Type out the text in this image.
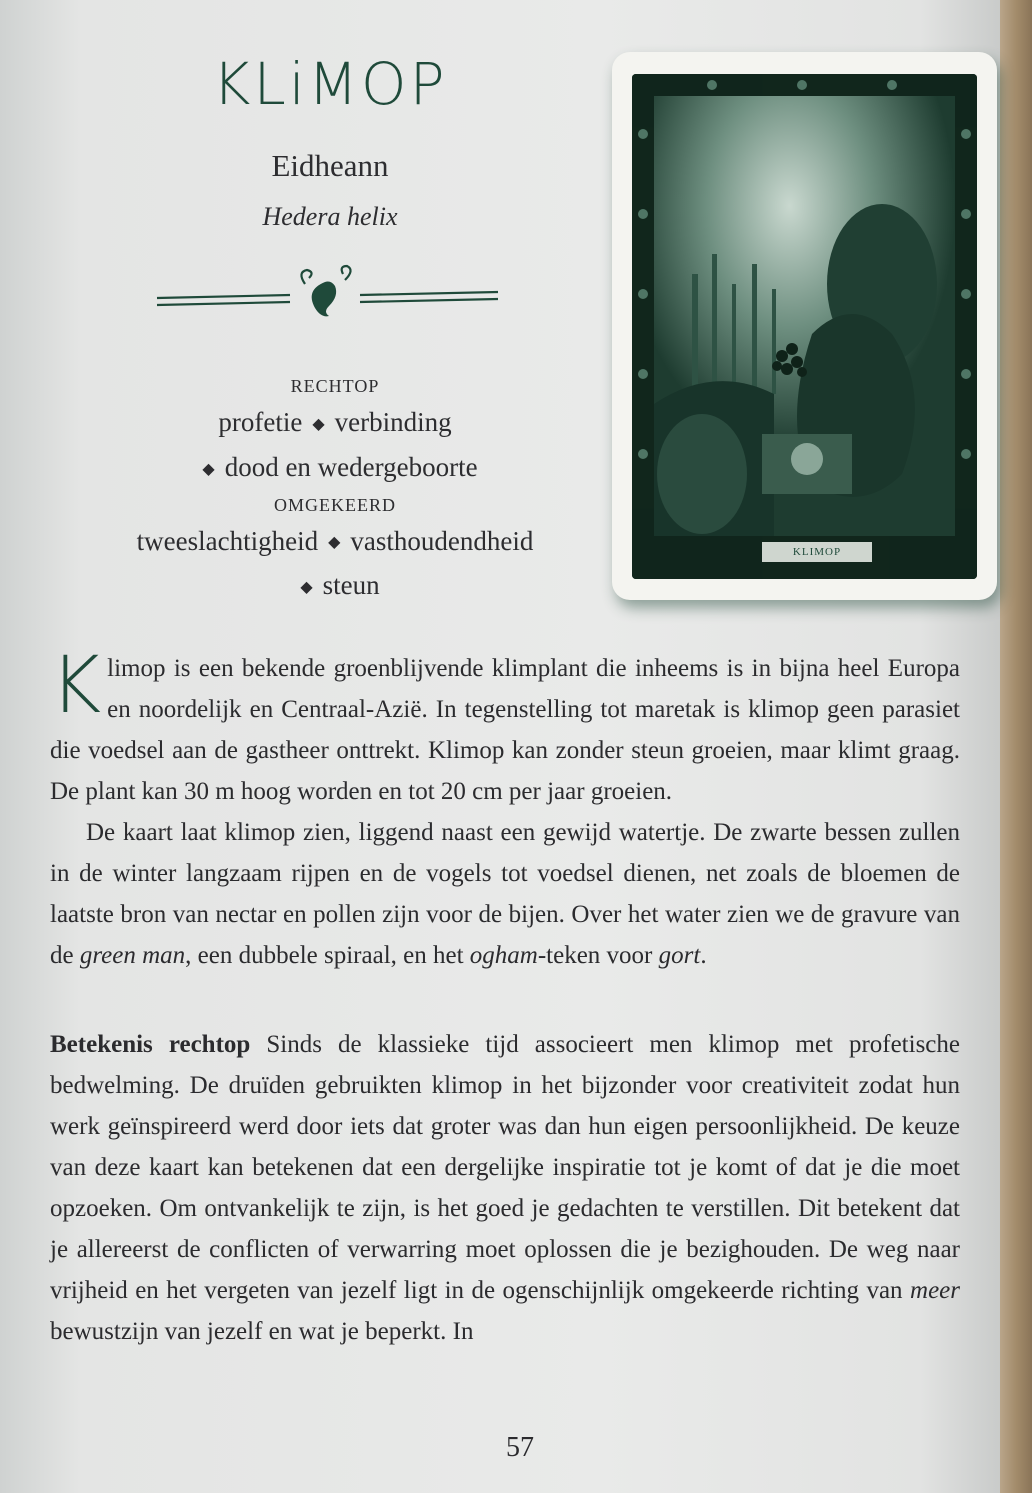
KLiMOP
Eidheann
Hedera helix
RECHTOP
profetie ◆ verbinding
◆ dood en wedergeboorte
OMGEKEERD
tweeslachtigheid ◆ vasthoudendheid
◆ steun
KLIMOP
K limop is een bekende groenblijvende klimplant die inheems is in bijna heel Europa en noordelijk en Centraal-Azië. In tegenstelling tot maretak is klimop geen parasiet die voedsel aan de gastheer onttrekt. Klimop kan zonder steun groeien, maar klimt graag. De plant kan 30 m hoog worden en tot 20 cm per jaar groeien.

De kaart laat klimop zien, liggend naast een gewijd watertje. De zwarte bessen zullen in de winter langzaam rijpen en de vogels tot voedsel dienen, net zoals de bloemen de laatste bron van nectar en pollen zijn voor de bijen. Over het water zien we de gravure van de green man, een dubbele spiraal, en het ogham-teken voor gort.

Betekenis rechtop Sinds de klassieke tijd associeert men klimop met profetische bedwelming. De druïden gebruikten klimop in het bijzonder voor creativiteit zodat hun werk geïnspireerd werd door iets dat groter was dan hun eigen persoonlijkheid. De keuze van deze kaart kan betekenen dat een dergelijke inspiratie tot je komt of dat je die moet opzoeken. Om ontvankelijk te zijn, is het goed je gedachten te verstillen. Dit betekent dat je allereerst de conflicten of verwarring moet oplossen die je bezighouden. De weg naar vrijheid en het vergeten van jezelf ligt in de ogenschijnlijk omgekeerde richting van meer bewustzijn van jezelf en wat je beperkt. In

57
